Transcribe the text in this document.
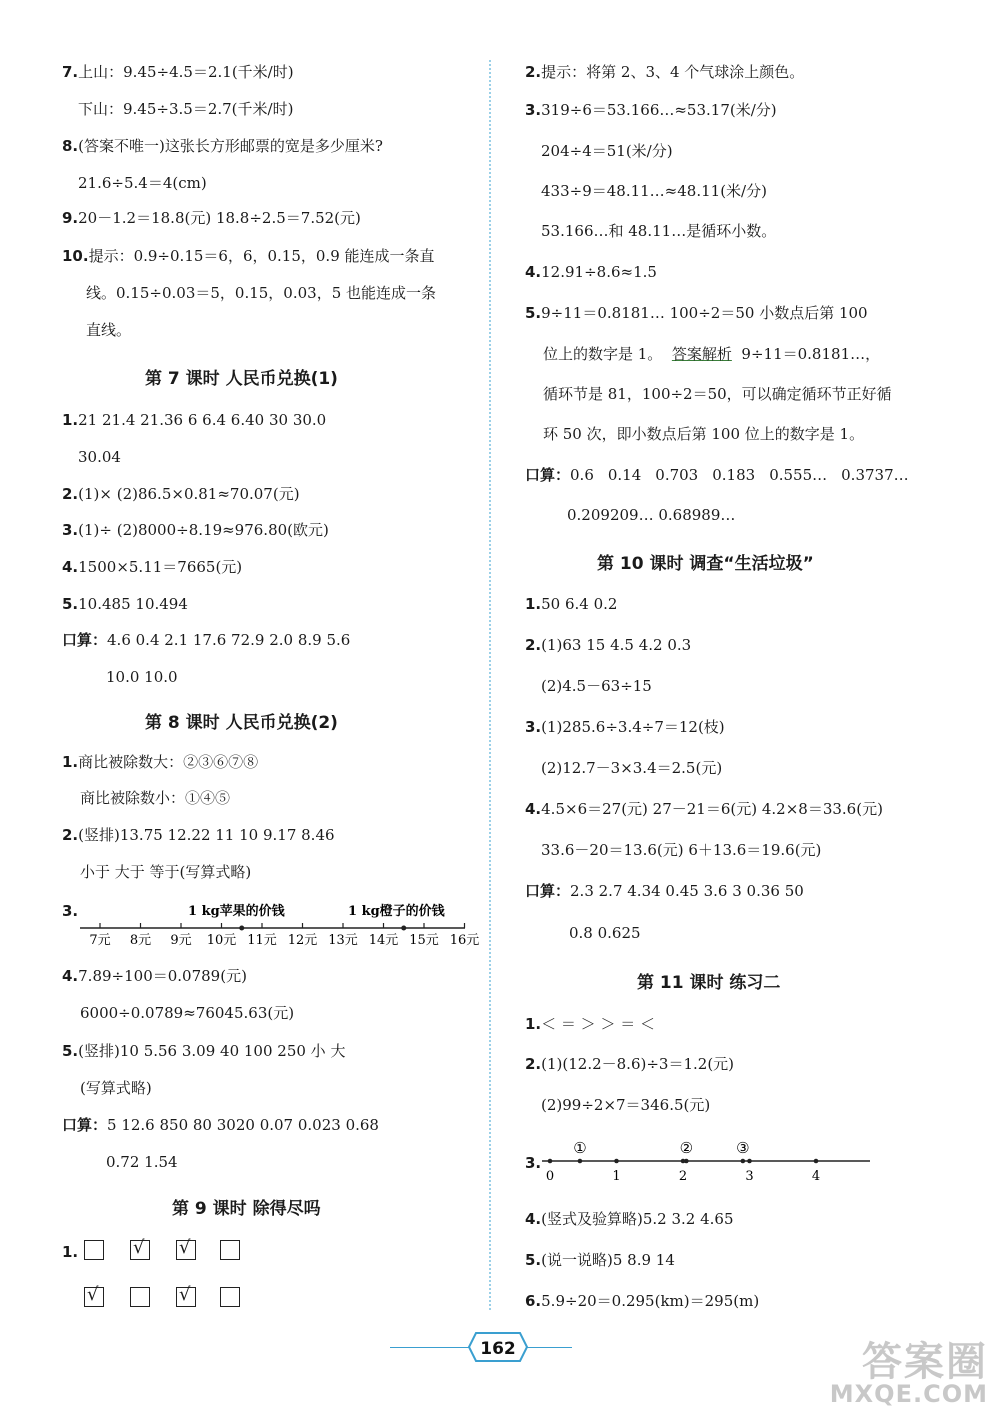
7.上山：9.45÷4.5＝2.1(千米/时)
下山：9.45÷3.5＝2.7(千米/时)
8.(答案不唯一)这张长方形邮票的宽是多少厘米?
21.6÷5.4＝4(cm)
9.20－1.2＝18.8(元) 18.8÷2.5＝7.52(元)
10.提示：0.9÷0.15＝6，6，0.15，0.9 能连成一条直
线。0.15÷0.03＝5，0.15，0.03，5 也能连成一条
直线。
第 7 课时 人民币兑换(1)
1.21 21.4 21.36 6 6.4 6.40 30 30.0
30.04
2.(1)× (2)86.5×0.81≈70.07(元)
3.(1)÷ (2)8000÷8.19≈976.80(欧元)
4.1500×5.11＝7665(元)
5.10.485 10.494
口算：4.6 0.4 2.1 17.6 72.9 2.0 8.9 5.6
10.0 10.0
第 8 课时 人民币兑换(2)
1.商比被除数大：②③⑥⑦⑧
商比被除数小：①④⑤
2.(竖排)13.75 12.22 11 10 9.17 8.46
小于 大于 等于(写算式略)
3.	1 kg苹果的价钱	1 kg橙子的价钱
7元 8元 9元 10元 11元 12元 13元 14元 15元 16元
4.7.89÷100＝0.0789(元)
6000÷0.0789≈76045.63(元)
5.(竖排)10 5.56 3.09 40 100 250 小 大
(写算式略)
口算：5 12.6 850 80 3020 0.07 0.023 0.68
0.72 1.54
第 9 课时 除得尽吗
1.	√ √
√	√
2.提示：将第 2、3、4 个气球涂上颜色。
3.319÷6＝53.166…≈53.17(米/分)
204÷4＝51(米/分)
433÷9＝48.11…≈48.11(米/分)
53.166…和 48.11…是循环小数。
4.12.91÷8.6≈1.5
5.9÷11＝0.8181… 100÷2＝50 小数点后第 100
位上的数字是 1。 答案解析 9÷11＝0.8181…，
循环节是 81，100÷2＝50，可以确定循环节正好循
环 50 次，即小数点后第 100 位上的数字是 1。
口算：0.6 0.14 0.703 0.183 0.555… 0.3737…
0.209209… 0.68989…
第 10 课时 调查“生活垃圾”
1.50 6.4 0.2
2.(1)63 15 4.5 4.2 0.3
(2)4.5－63÷15
3.(1)285.6÷3.4÷7＝12(枝)
(2)12.7－3×3.4＝2.5(元)
4.4.5×6＝27(元) 27－21＝6(元) 4.2×8＝33.6(元)
33.6－20＝13.6(元) 6＋13.6＝19.6(元)
口算：2.3 2.7 4.34 0.45 3.6 3 0.36 50
0.8 0.625
第 11 课时 练习二
1.＜ ＝ ＞ ＞ ＝ ＜
2.(1)(12.2－8.6)÷3＝1.2(元)
(2)99÷2×7＝346.5(元)
3.
0	1	2	3	4
①	②	③
4.(竖式及验算略)5.2 3.2 4.65
5.(说一说略)5 8.9 14
6.5.9÷20＝0.295(km)＝295(m)
162	答案圈
MXQE.COM
